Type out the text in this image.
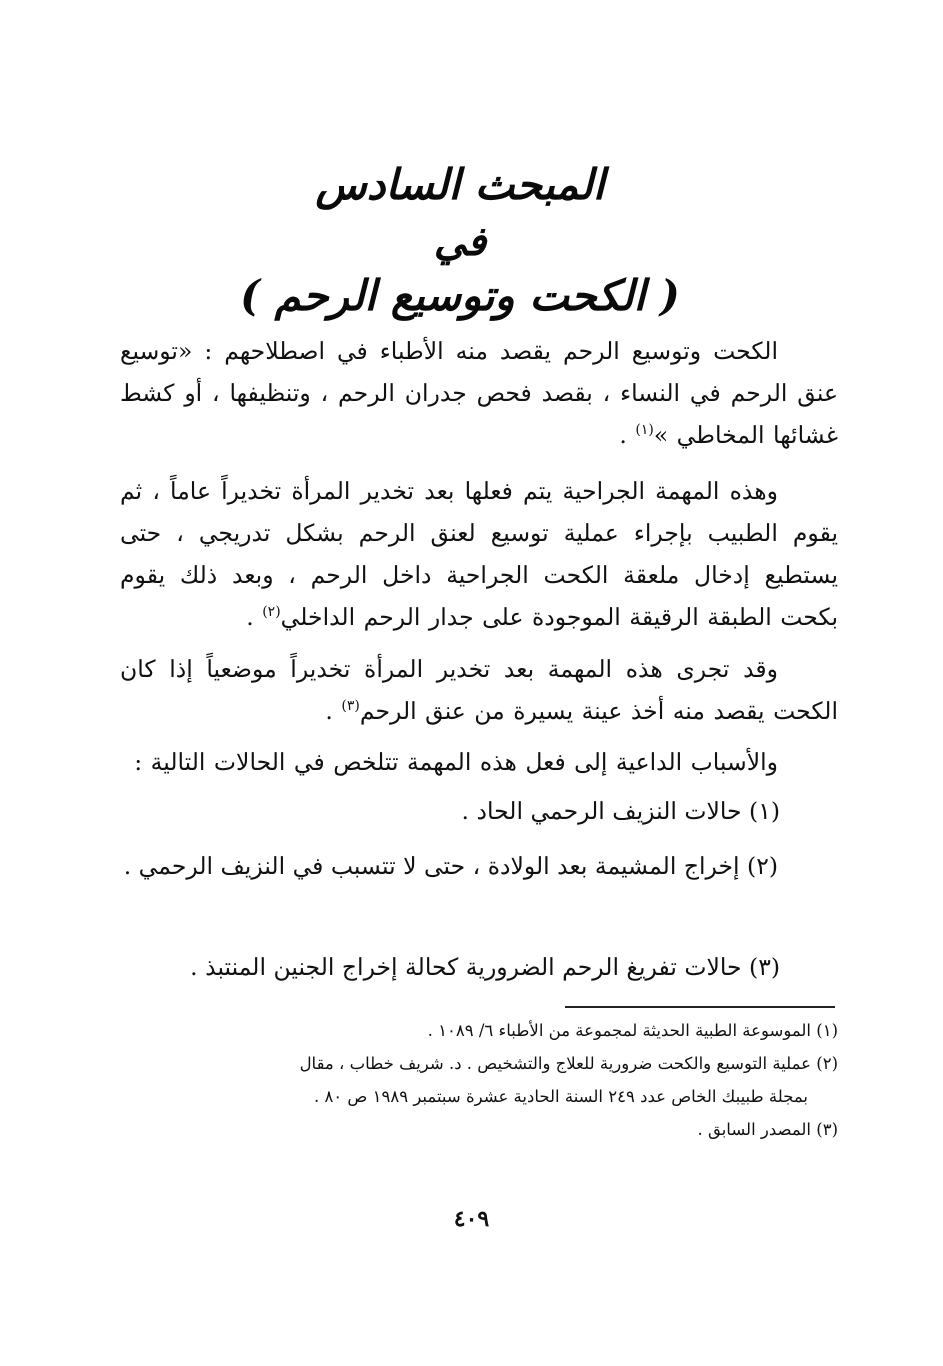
المبحث السادس
في
( الكحت وتوسيع الرحم )

الكحت وتوسيع الرحم يقصد منه الأطباء في اصطلاحهم : «توسيع عنق الرحم في النساء ، بقصد فحص جدران الرحم ، وتنظيفها ، أو كشط غشائها المخاطي »$^{(١)}$ .

وهذه المهمة الجراحية يتم فعلها بعد تخدير المرأة تخديراً عاماً ، ثم يقوم الطبيب بإجراء عملية توسيع لعنق الرحم بشكل تدريجي ، حتى يستطيع إدخال ملعقة الكحت الجراحية داخل الرحم ، وبعد ذلك يقوم بكحت الطبقة الرقيقة الموجودة على جدار الرحم الداخلي$^{(٢)}$ .

وقد تجرى هذه المهمة بعد تخدير المرأة تخديراً موضعياً إذا كان الكحت يقصد منه أخذ عينة يسيرة من عنق الرحم$^{(٣)}$ .

والأسباب الداعية إلى فعل هذه المهمة تتلخص في الحالات التالية :

(١) حالات النزيف الرحمي الحاد .
(٢) إخراج المشيمة بعد الولادة ، حتى لا تتسبب في النزيف الرحمي .
(٣) حالات تفريغ الرحم الضرورية كحالة إخراج الجنين المنتبذ .
(١) الموسوعة الطبية الحديثة لمجموعة من الأطباء ٦/ ١٠٨٩ .
(٢) عملية التوسيع والكحت ضرورية للعلاج والتشخيص . د. شريف خطاب ، مقال
بمجلة طبيبك الخاص عدد ٢٤٩ السنة الحادية عشرة سبتمبر ١٩٨٩ ص ٨٠ .
(٣) المصدر السابق .
٤٠٩
